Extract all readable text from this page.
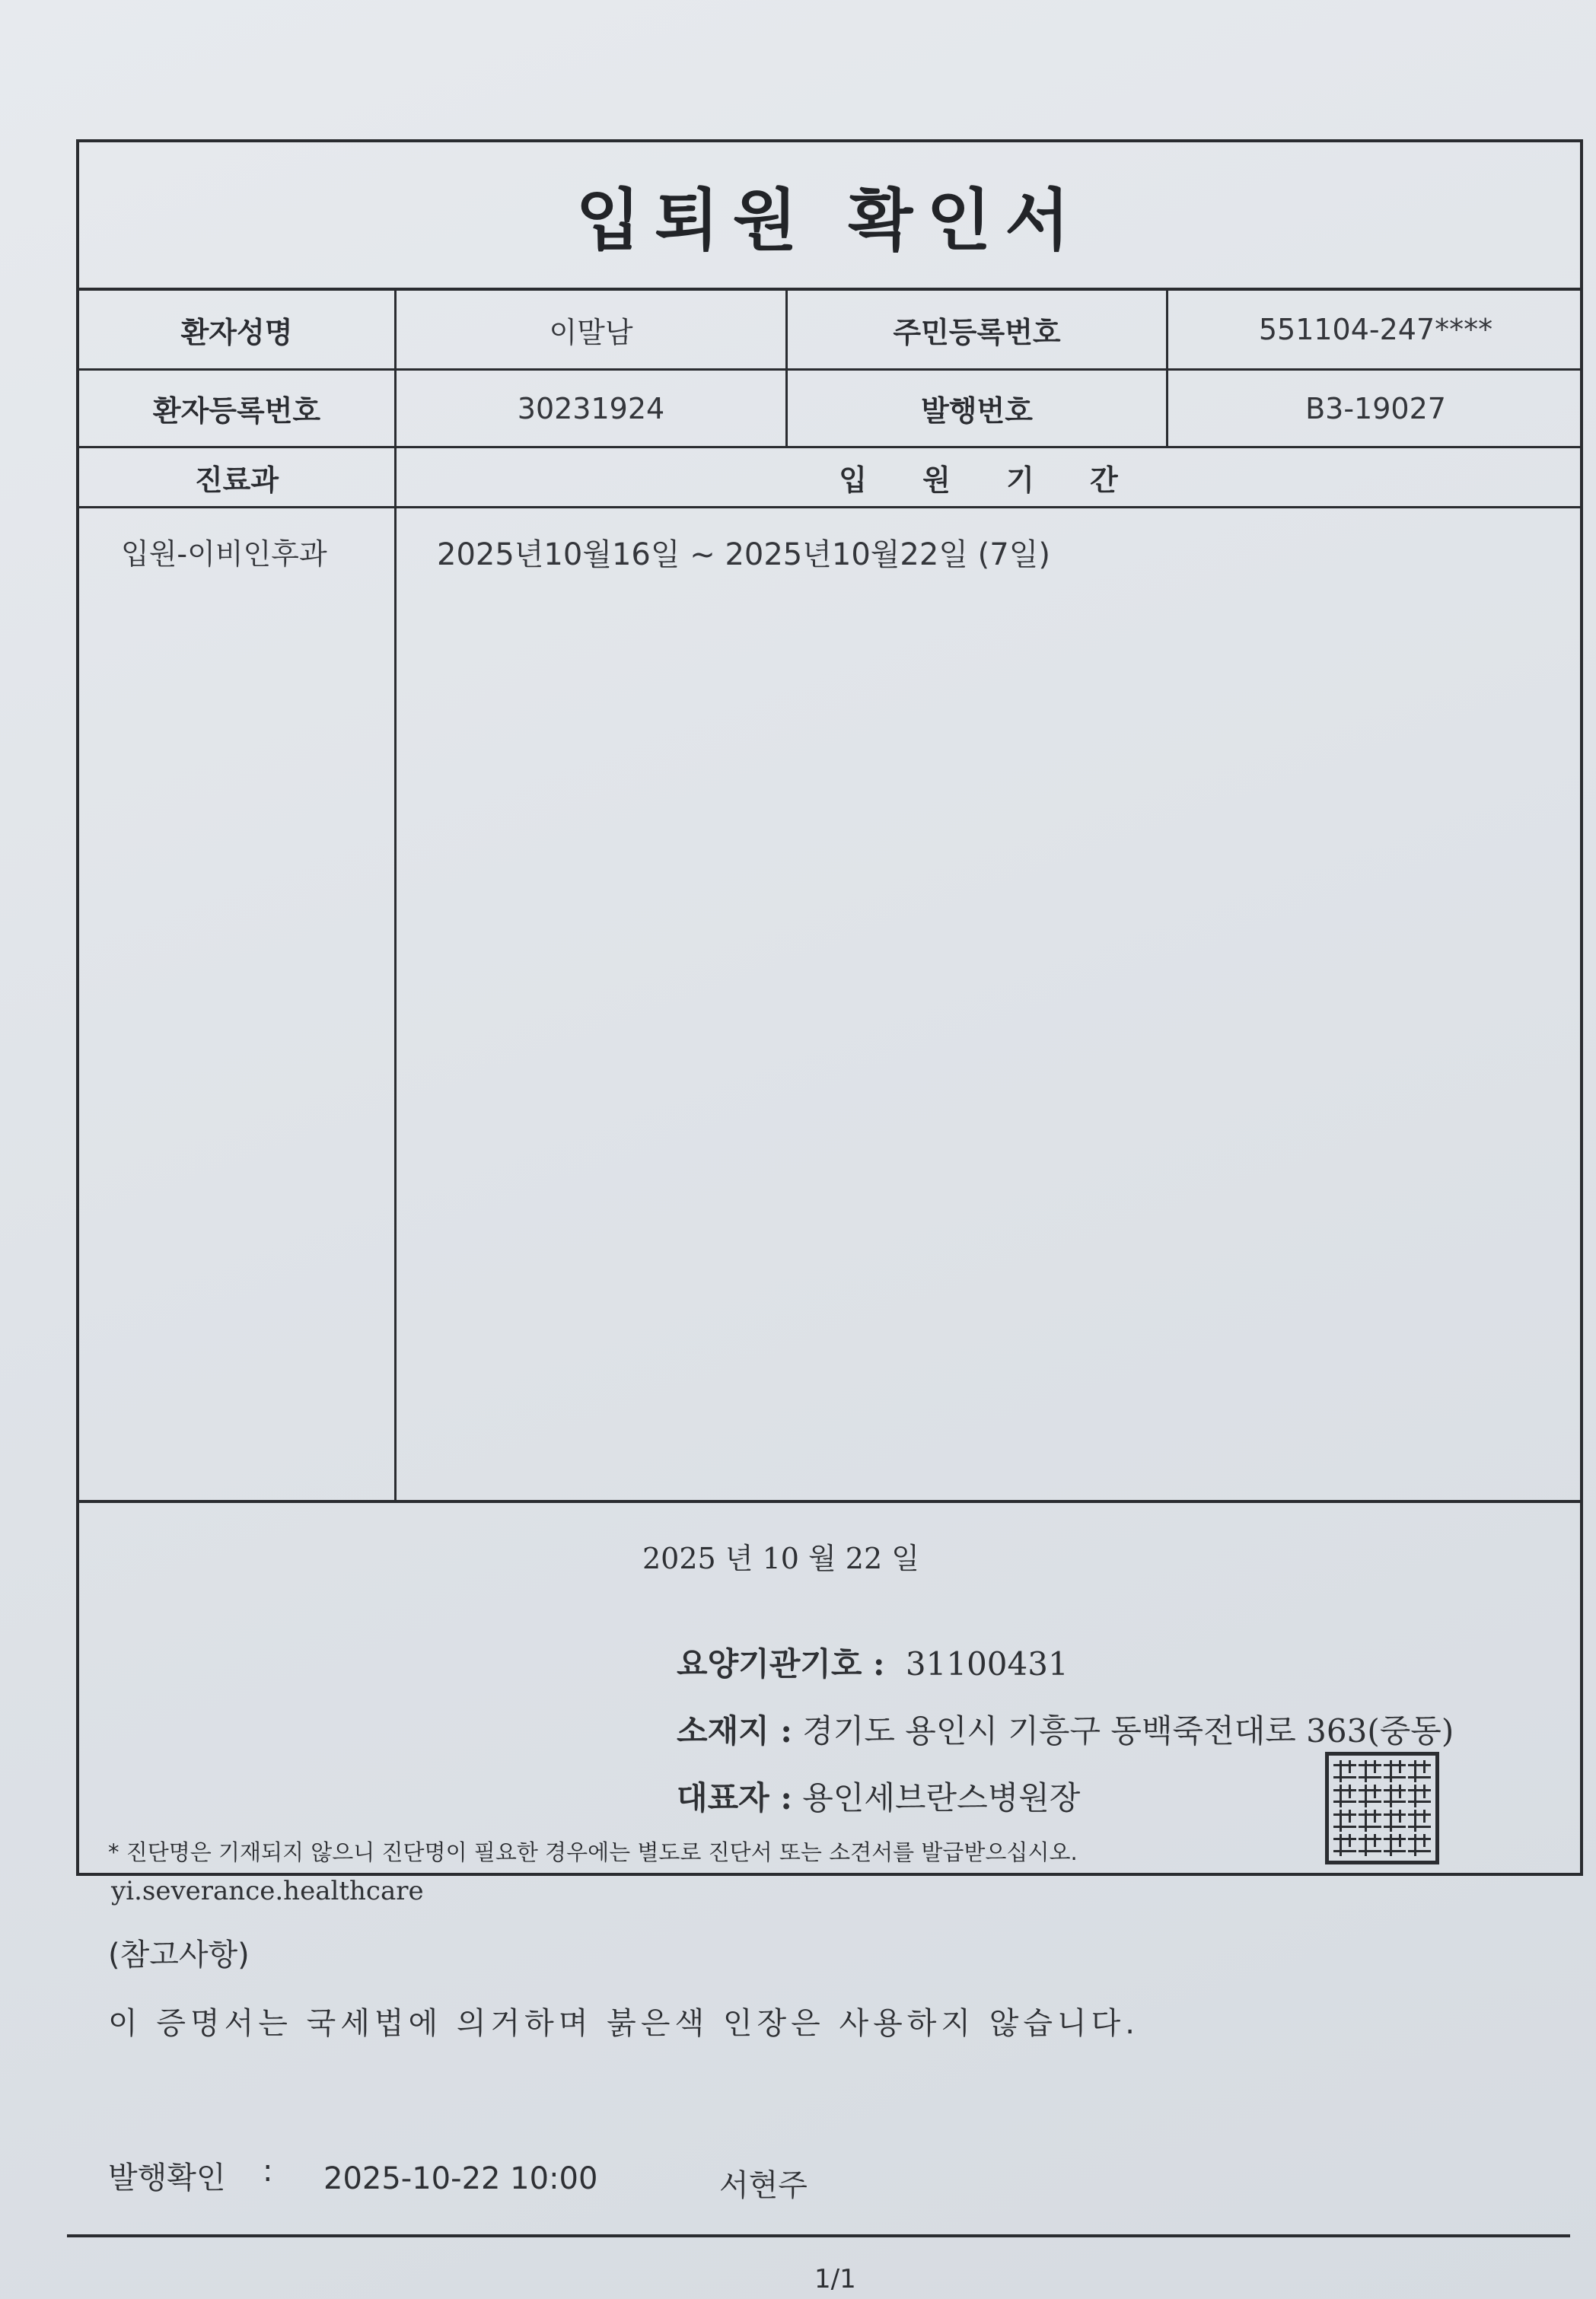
입퇴원 확인서
환자성명	이말남	주민등록번호	551104-247****
환자등록번호	30231924	발행번호	B3-19027
진료과	입 원 기 간
입원-이비인후과	2025년10월16일 ~ 2025년10월22일 (7일)
2025 년 10 월 22 일
요양기관기호 : 31100431
소재지 : 경기도 용인시 기흥구 동백죽전대로 363(중동)
대표자 : 용인세브란스병원장
* 진단명은 기재되지 않으니 진단명이 필요한 경우에는 별도로 진단서 또는 소견서를 발급받으십시오.
yi.severance.healthcare
(참고사항)
이 증명서는 국세법에 의거하며 붉은색 인장은 사용하지 않습니다.
발행확인 : 2025-10-22 10:00	서현주
1/1
